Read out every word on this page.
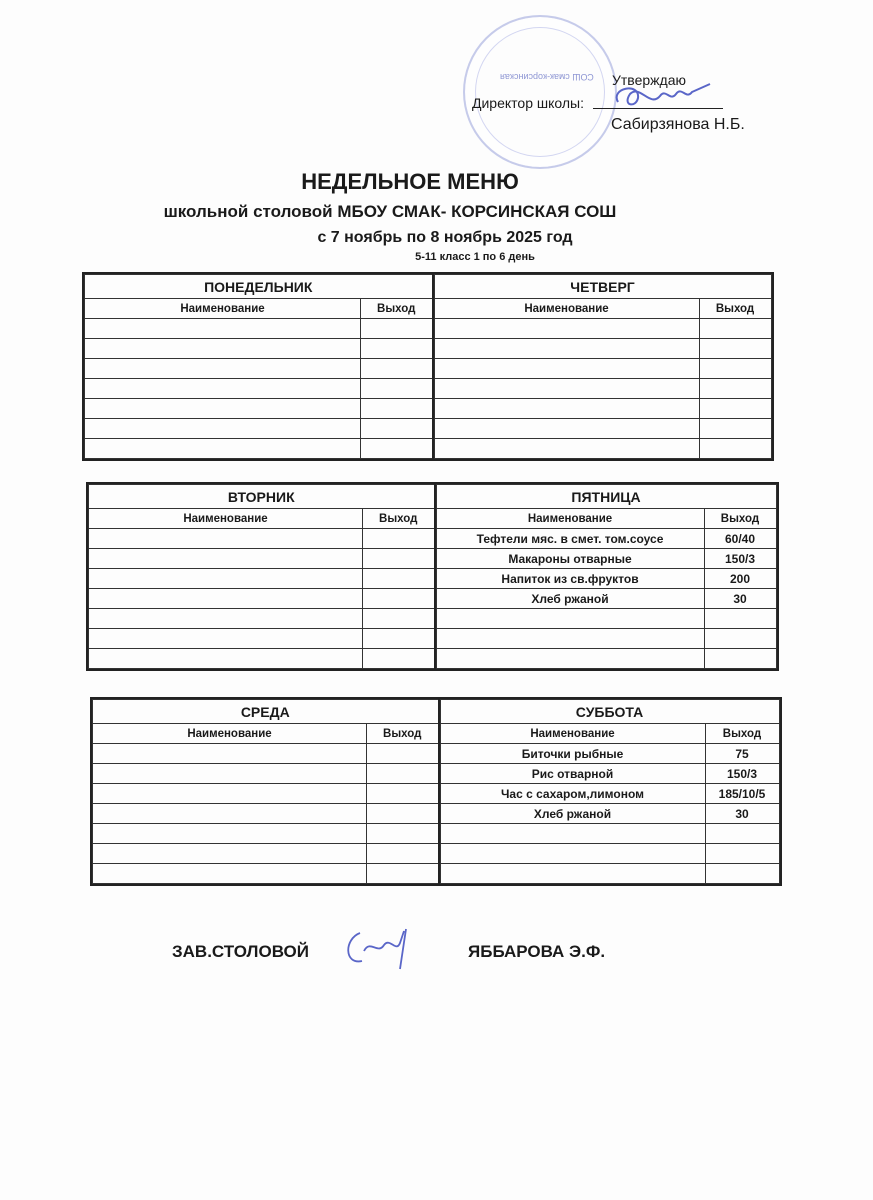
СОШ смак-корсинская Утверждаю
Директор школы:
Сабирзянова Н.Б.
НЕДЕЛЬНОЕ МЕНЮ
школьной столовой МБОУ СМАК- КОРСИНСКАЯ СОШ
с 7 ноябрь по 8 ноябрь 2025 год
5-11 класс 1 по 6 день
ПОНЕДЕЛЬНИК	
Наименование	Выход

ЧЕТВЕРГ	
Наименование	Выход

ВТОРНИК	
Наименование	Выход

ПЯТНИЦА	
Наименование	Выход
Тефтели мяс. в смет. том.соусе	60/40
Макароны отварные	150/3
Напиток из св.фруктов	200
Хлеб ржаной	30

СРЕДА	
Наименование	Выход

СУББОТА	
Наименование	Выход
Биточки рыбные	75
Рис отварной	150/3
Час с сахаром,лимоном	185/10/5
Хлеб ржаной	30

ЗАВ.СТОЛОВОЙ	ЯББАРОВА Э.Ф.
